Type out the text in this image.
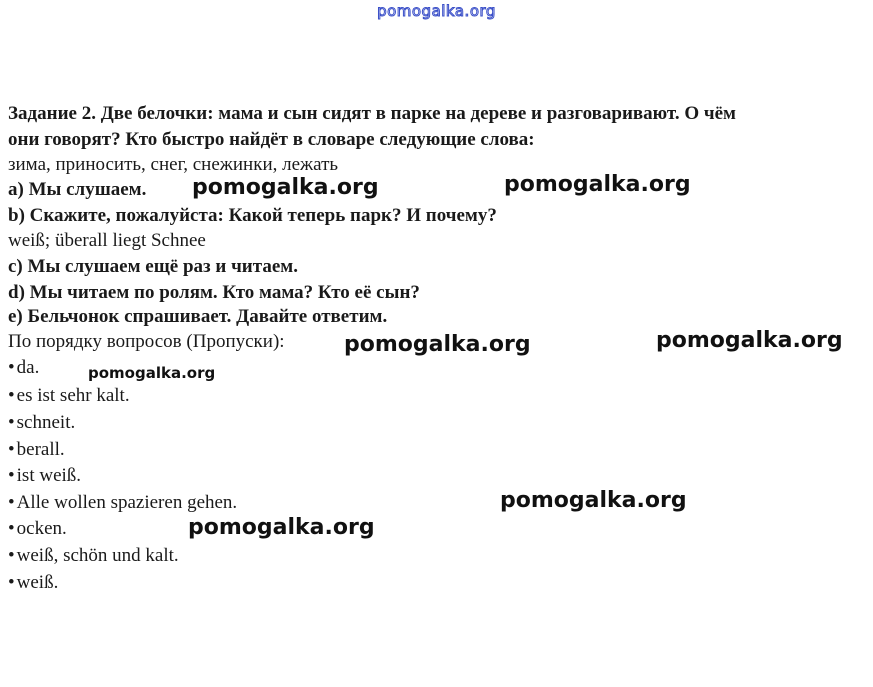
pomogalka.org
Задание 2. Две белочки: мама и сын сидят в парке на дереве и разговаривают. О чём
они говорят? Кто быстро найдёт в словаре следующие слова:
зима, приносить, снег, снежинки, лежать
a) Мы слушаем.
b) Скажите, пожалуйста: Какой теперь парк? И почему?
weiß; überall liegt Schnee
c) Мы слушаем ещё раз и читаем.
d) Мы читаем по ролям. Кто мама? Кто её сын?
e) Бельчонок спрашивает. Давайте ответим.
По порядку вопросов (Пропуски):
• da.
• es ist sehr kalt.
• schneit.
• berall.
• ist weiß.
• Alle wollen spazieren gehen.
• ocken.
• weiß, schön und kalt.
• weiß.
pomogalka.org	pomogalka.org
pomogalka.org	pomogalka.org
pomogalka.org
pomogalka.org
pomogalka.org
